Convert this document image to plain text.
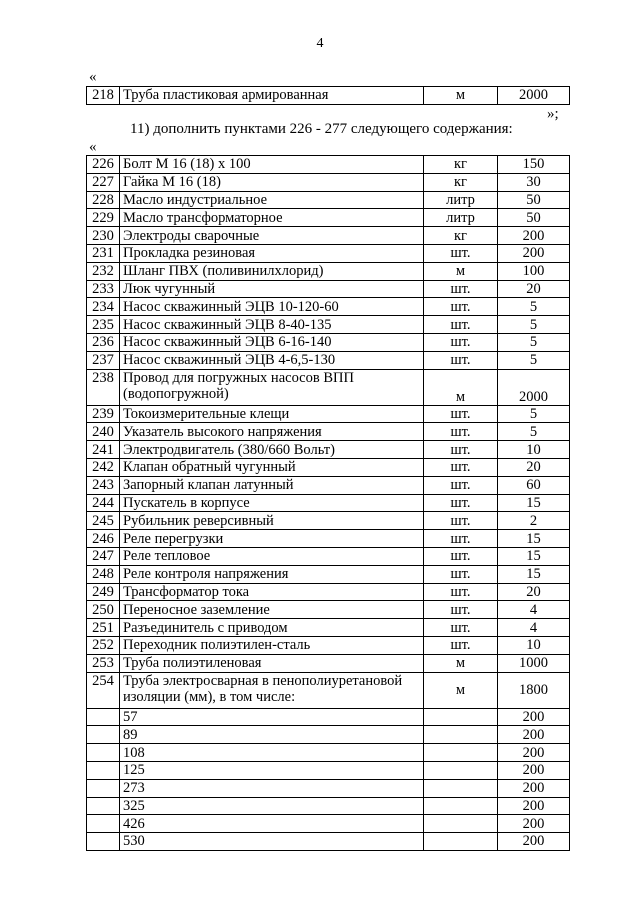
4
«
218	Труба пластиковая армированная	м	2000
»;
11) дополнить пунктами 226 - 277 следующего содержания:
«
226	Болт М 16 (18) х 100	кг	150
227	Гайка М 16 (18)	кг	30
228	Масло индустриальное	литр	50
229	Масло трансформаторное	литр	50
230	Электроды сварочные	кг	200
231	Прокладка резиновая	шт.	200
232	Шланг ПВХ (поливинилхлорид)	м	100
233	Люк чугунный	шт.	20
234	Насос скважинный ЭЦВ 10-120-60	шт.	5
235	Насос скважинный ЭЦВ 8-40-135	шт.	5
236	Насос скважинный ЭЦВ 6-16-140	шт.	5
237	Насос скважинный ЭЦВ 4-6,5-130	шт.	5
238	Провод для погружных насосов ВПП (водопогружной)	м	2000
239	Токоизмерительные клещи	шт.	5
240	Указатель высокого напряжения	шт.	5
241	Электродвигатель (380/660 Вольт)	шт.	10
242	Клапан обратный чугунный	шт.	20
243	Запорный клапан латунный	шт.	60
244	Пускатель в корпусе	шт.	15
245	Рубильник реверсивный	шт.	2
246	Реле перегрузки	шт.	15
247	Реле тепловое	шт.	15
248	Реле контроля напряжения	шт.	15
249	Трансформатор тока	шт.	20
250	Переносное заземление	шт.	4
251	Разъединитель с приводом	шт.	4
252	Переходник полиэтилен-сталь	шт.	10
253	Труба полиэтиленовая	м	1000
254	Труба электросварная в пенополиуретановой изоляции (мм), в том числе:	м	1800
	57		200
	89		200
	108		200
	125		200
	273		200
	325		200
	426		200
	530		200
